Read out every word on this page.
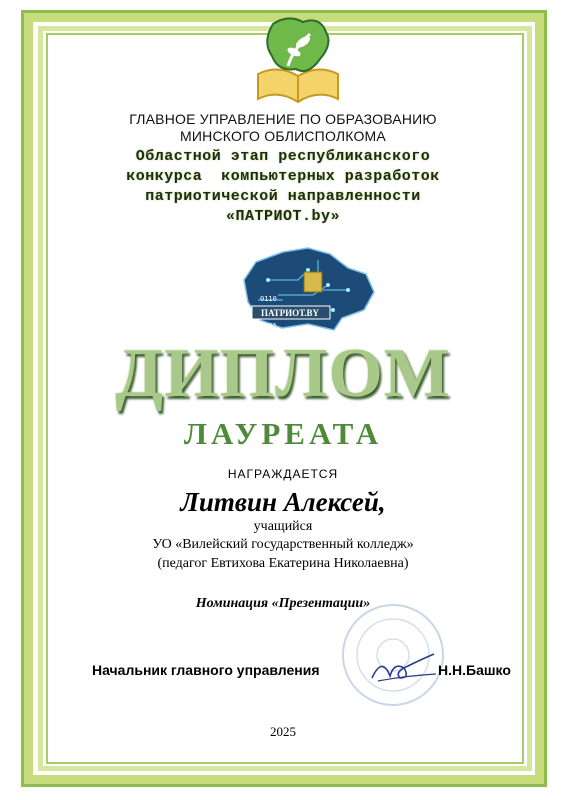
ГЛАВНОЕ УПРАВЛЕНИЕ ПО ОБРАЗОВАНИЮ
МИНСКОГО ОБЛИСПОЛКОМА
Областной этап республиканского
конкурса  компьютерных разработок
патриотической направленности
«ПАТРИОТ.by»
0110
1001
ПАТРИОТ.BY
ДИПЛОМ
ЛАУРЕАТА
НАГРАЖДАЕТСЯ
Литвин Алексей,
учащийся
УО «Вилейский государственный колледж»
(педагог Евтихова Екатерина Николаевна)
Номинация «Презентации»
Начальник главного управления	Н.Н.Башко
2025
